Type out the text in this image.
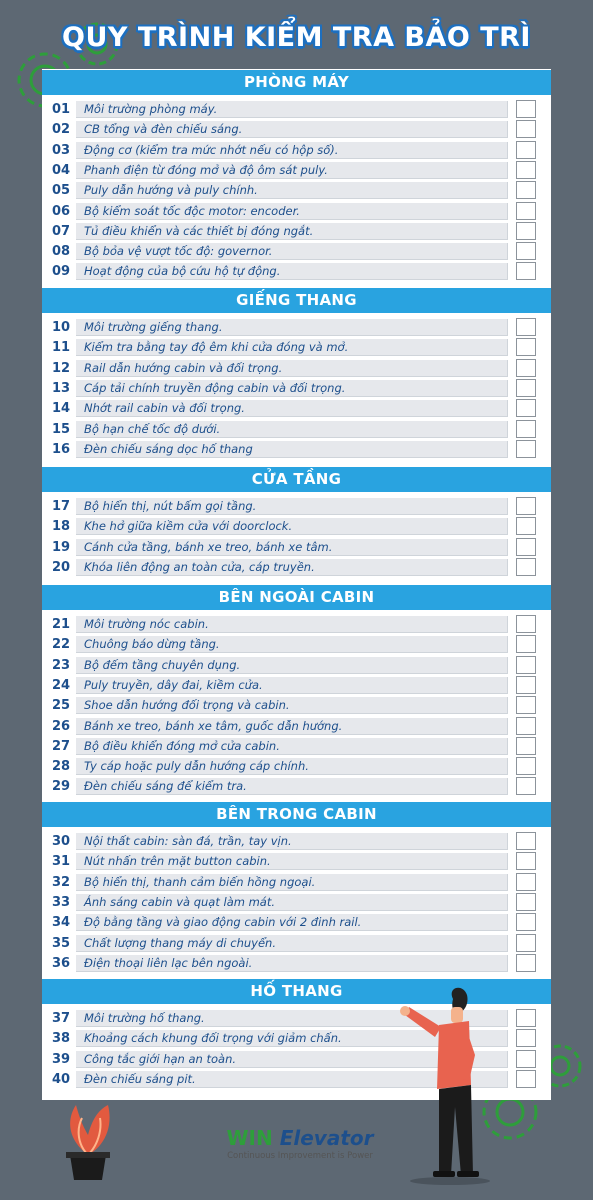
QUY TRÌNH KIỂM TRA BẢO TRÌ
PHÒNG MÁY
01	Môi trường phòng máy.
02	CB tổng và đèn chiếu sáng.
03	Động cơ (kiểm tra mức nhớt nếu có hộp số).
04	Phanh điện từ đóng mở và độ ôm sát puly.
05	Puly dẫn hướng và puly chính.
06	Bộ kiểm soát tốc độc motor: encoder.
07	Tủ điều khiển và các thiết bị đóng ngắt.
08	Bộ bỏa vệ vượt tốc độ: governor.
09	Hoạt động của bộ cứu hộ tự động.
GIẾNG THANG
10	Môi trường giếng thang.
11	Kiểm tra bằng tay độ êm khi cửa đóng và mở.
12	Rail dẫn hướng cabin và đối trọng.
13	Cáp tải chính truyền động cabin và đối trọng.
14	Nhớt rail cabin và đối trọng.
15	Bộ hạn chế tốc độ dưới.
16	Đèn chiếu sáng dọc hố thang
CỬA TẦNG
17	Bộ hiển thị, nút bấm gọi tầng.
18	Khe hở giữa kiềm cửa với doorclock.
19	Cánh cửa tầng, bánh xe treo, bánh xe tâm.
20	Khóa liên động an toàn cửa, cáp truyền.
BÊN NGOÀI CABIN
21	Môi trường nóc cabin.
22	Chuông báo dừng tầng.
23	Bộ đếm tầng chuyên dụng.
24	Puly truyền, dây đai, kiềm cửa.
25	Shoe dẫn hướng đối trọng và cabin.
26	Bánh xe treo, bánh xe tâm, guốc dẫn hướng.
27	Bộ điều khiển đóng mở cửa cabin.
28	Ty cáp hoặc puly dẫn hướng cáp chính.
29	Đèn chiếu sáng để kiểm tra.
BÊN TRONG CABIN
30	Nội thất cabin: sàn đá, trần, tay vịn.
31	Nút nhấn trên mặt button cabin.
32	Bộ hiển thị, thanh cảm biến hồng ngoại.
33	Ánh sáng cabin và quạt làm mát.
34	Độ bằng tầng và giao động cabin với 2 đinh rail.
35	Chất lượng thang máy di chuyển.
36	Điện thoại liên lạc bên ngoài.
HỐ THANG
37	Môi trường hố thang.
38	Khoảng cách khung đối trọng với giảm chấn.
39	Công tắc giới hạn an toàn.
40	Đèn chiếu sáng pit.
WIN Elevator
Continuous Improvement is Power
